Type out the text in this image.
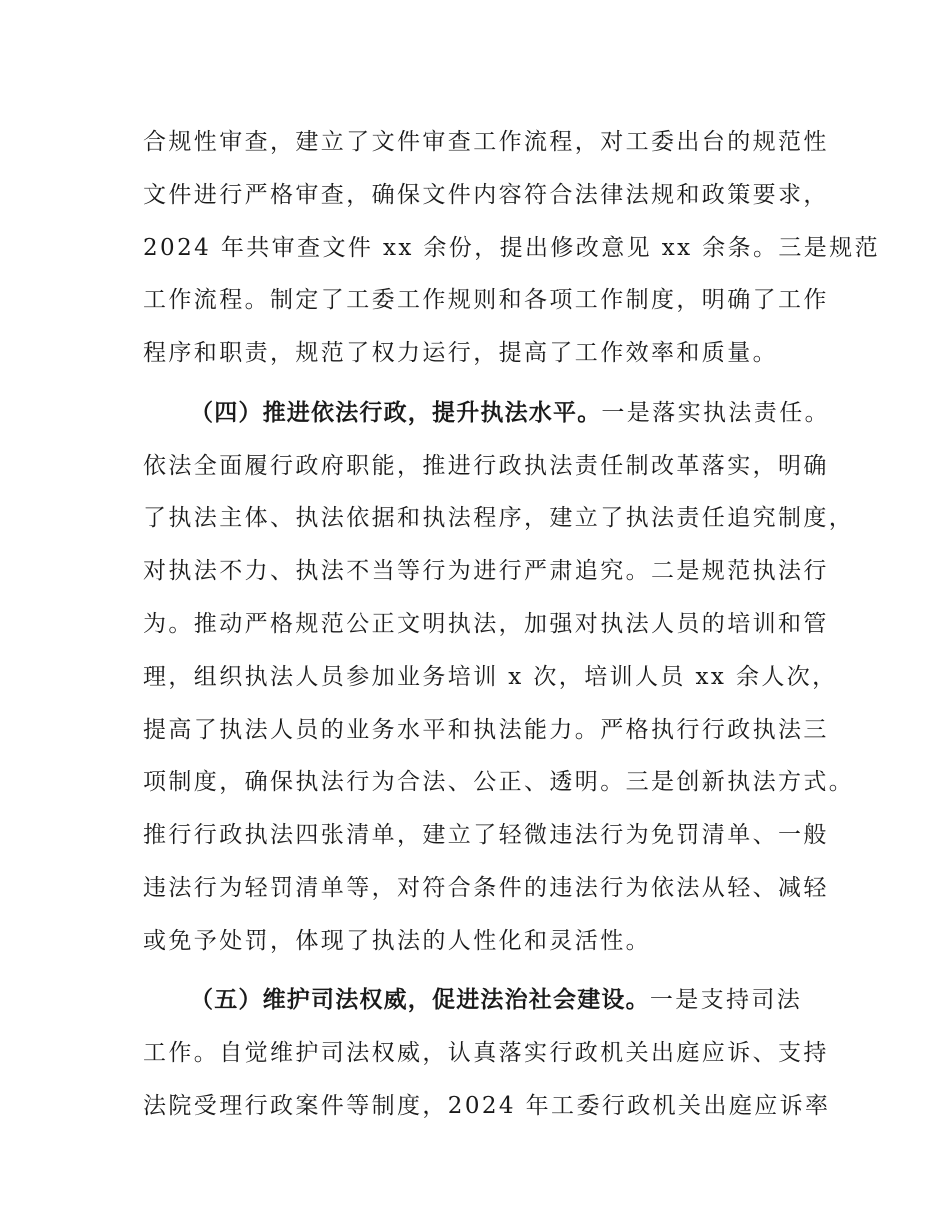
合规性审查，建立了文件审查工作流程，对工委出台的规范性

文件进行严格审查，确保文件内容符合法律法规和政策要求，

2024 年共审查文件 xx 余份，提出修改意见 xx 余条。三是规范

工作流程。制定了工委工作规则和各项工作制度，明确了工作

程序和职责，规范了权力运行，提高了工作效率和质量。

（四）推进依法行政，提升执法水平。一是落实执法责任。

依法全面履行政府职能，推进行政执法责任制改革落实，明确

了执法主体、执法依据和执法程序，建立了执法责任追究制度，

对执法不力、执法不当等行为进行严肃追究。二是规范执法行

为。推动严格规范公正文明执法，加强对执法人员的培训和管

理，组织执法人员参加业务培训 x 次，培训人员 xx 余人次，

提高了执法人员的业务水平和执法能力。严格执行行政执法三

项制度，确保执法行为合法、公正、透明。三是创新执法方式。

推行行政执法四张清单，建立了轻微违法行为免罚清单、一般

违法行为轻罚清单等，对符合条件的违法行为依法从轻、减轻

或免予处罚，体现了执法的人性化和灵活性。

（五）维护司法权威，促进法治社会建设。一是支持司法

工作。自觉维护司法权威，认真落实行政机关出庭应诉、支持

法院受理行政案件等制度，2024 年工委行政机关出庭应诉率
